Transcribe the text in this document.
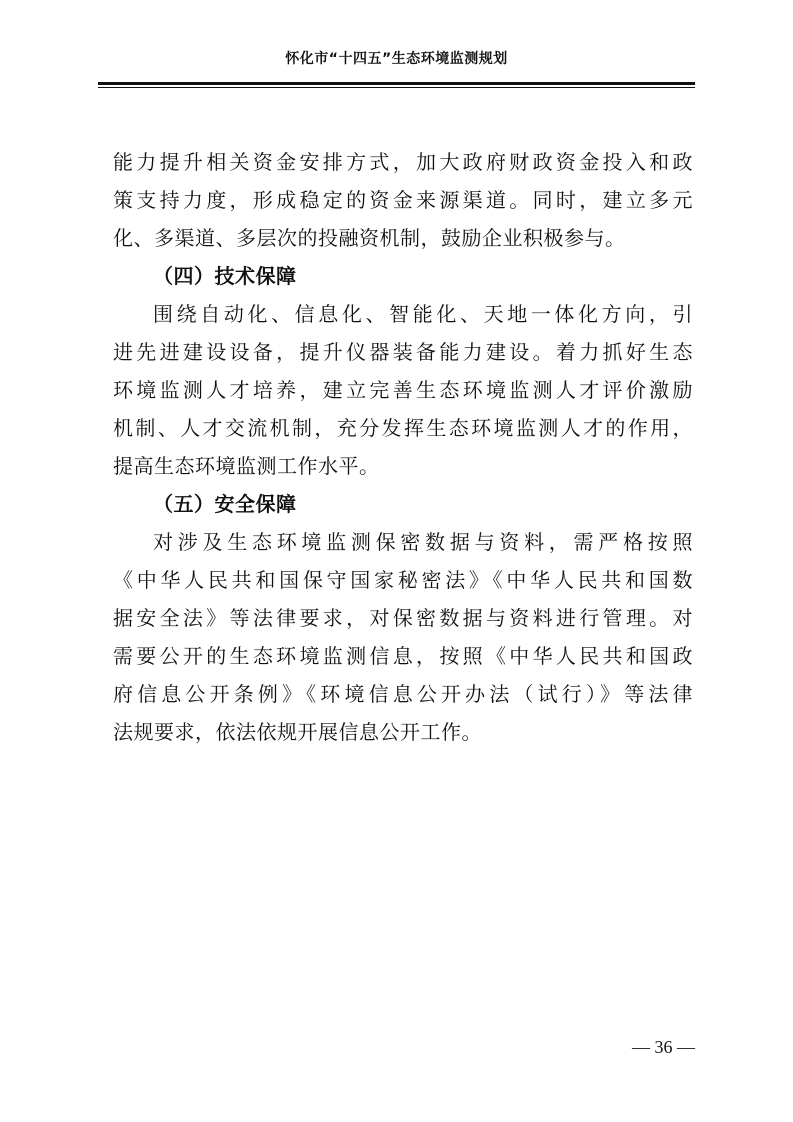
怀化市“十四五”生态环境监测规划
能力提升相关资金安排方式，加大政府财政资金投入和政
策支持力度，形成稳定的资金来源渠道。同时，建立多元
化、多渠道、多层次的投融资机制，鼓励企业积极参与。
（四）技术保障
围绕自动化、信息化、智能化、天地一体化方向，引
进先进建设设备，提升仪器装备能力建设。着力抓好生态
环境监测人才培养，建立完善生态环境监测人才评价激励
机制、人才交流机制，充分发挥生态环境监测人才的作用，
提高生态环境监测工作水平。
（五）安全保障
对涉及生态环境监测保密数据与资料，需严格按照
《中华人民共和国保守国家秘密法》《中华人民共和国数
据安全法》等法律要求，对保密数据与资料进行管理。对
需要公开的生态环境监测信息，按照《中华人民共和国政
府信息公开条例》《环境信息公开办法（试行）》等法律
法规要求，依法依规开展信息公开工作。
— 36 —
